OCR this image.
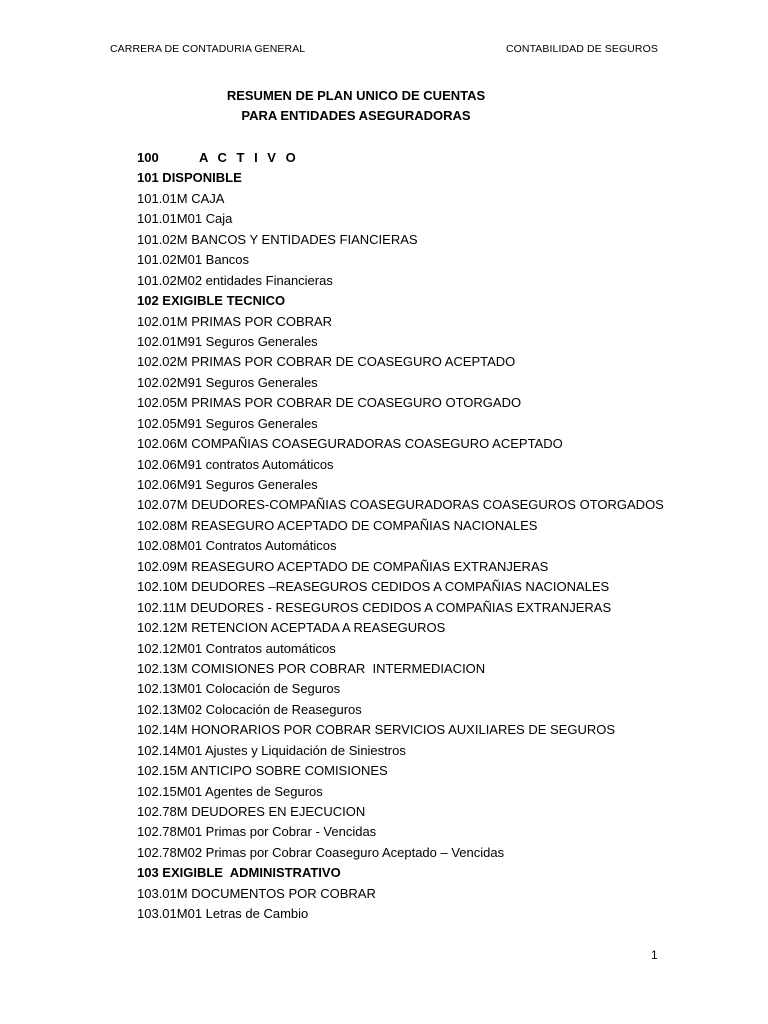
CARRERA DE CONTADURIA GENERAL	CONTABILIDAD DE SEGUROS
RESUMEN DE PLAN UNICO DE CUENTAS
PARA ENTIDADES ASEGURADORAS
100	A C T I V O
101 DISPONIBLE
101.01M CAJA
101.01M01 Caja
101.02M BANCOS Y ENTIDADES FIANCIERAS
101.02M01 Bancos
101.02M02 entidades Financieras
102 EXIGIBLE TECNICO
102.01M PRIMAS POR COBRAR
102.01M91 Seguros Generales
102.02M PRIMAS POR COBRAR DE COASEGURO ACEPTADO
102.02M91 Seguros Generales
102.05M PRIMAS POR COBRAR DE COASEGURO OTORGADO
102.05M91 Seguros Generales
102.06M COMPAÑIAS COASEGURADORAS COASEGURO ACEPTADO
102.06M91 contratos Automáticos
102.06M91 Seguros Generales
102.07M DEUDORES-COMPAÑIAS COASEGURADORAS COASEGUROS OTORGADOS
102.08M REASEGURO ACEPTADO DE COMPAÑIAS NACIONALES
102.08M01 Contratos Automáticos
102.09M REASEGURO ACEPTADO DE COMPAÑIAS EXTRANJERAS
102.10M DEUDORES –REASEGUROS CEDIDOS A COMPAÑIAS NACIONALES
102.11M DEUDORES - RESEGUROS CEDIDOS A COMPAÑIAS EXTRANJERAS
102.12M RETENCION ACEPTADA A REASEGUROS
102.12M01 Contratos automáticos
102.13M COMISIONES POR COBRAR  INTERMEDIACION
102.13M01 Colocación de Seguros
102.13M02 Colocación de Reaseguros
102.14M HONORARIOS POR COBRAR SERVICIOS AUXILIARES DE SEGUROS
102.14M01 Ajustes y Liquidación de Siniestros
102.15M ANTICIPO SOBRE COMISIONES
102.15M01 Agentes de Seguros
102.78M DEUDORES EN EJECUCION
102.78M01 Primas por Cobrar - Vencidas
102.78M02 Primas por Cobrar Coaseguro Aceptado – Vencidas
103 EXIGIBLE  ADMINISTRATIVO
103.01M DOCUMENTOS POR COBRAR
103.01M01 Letras de Cambio
1
